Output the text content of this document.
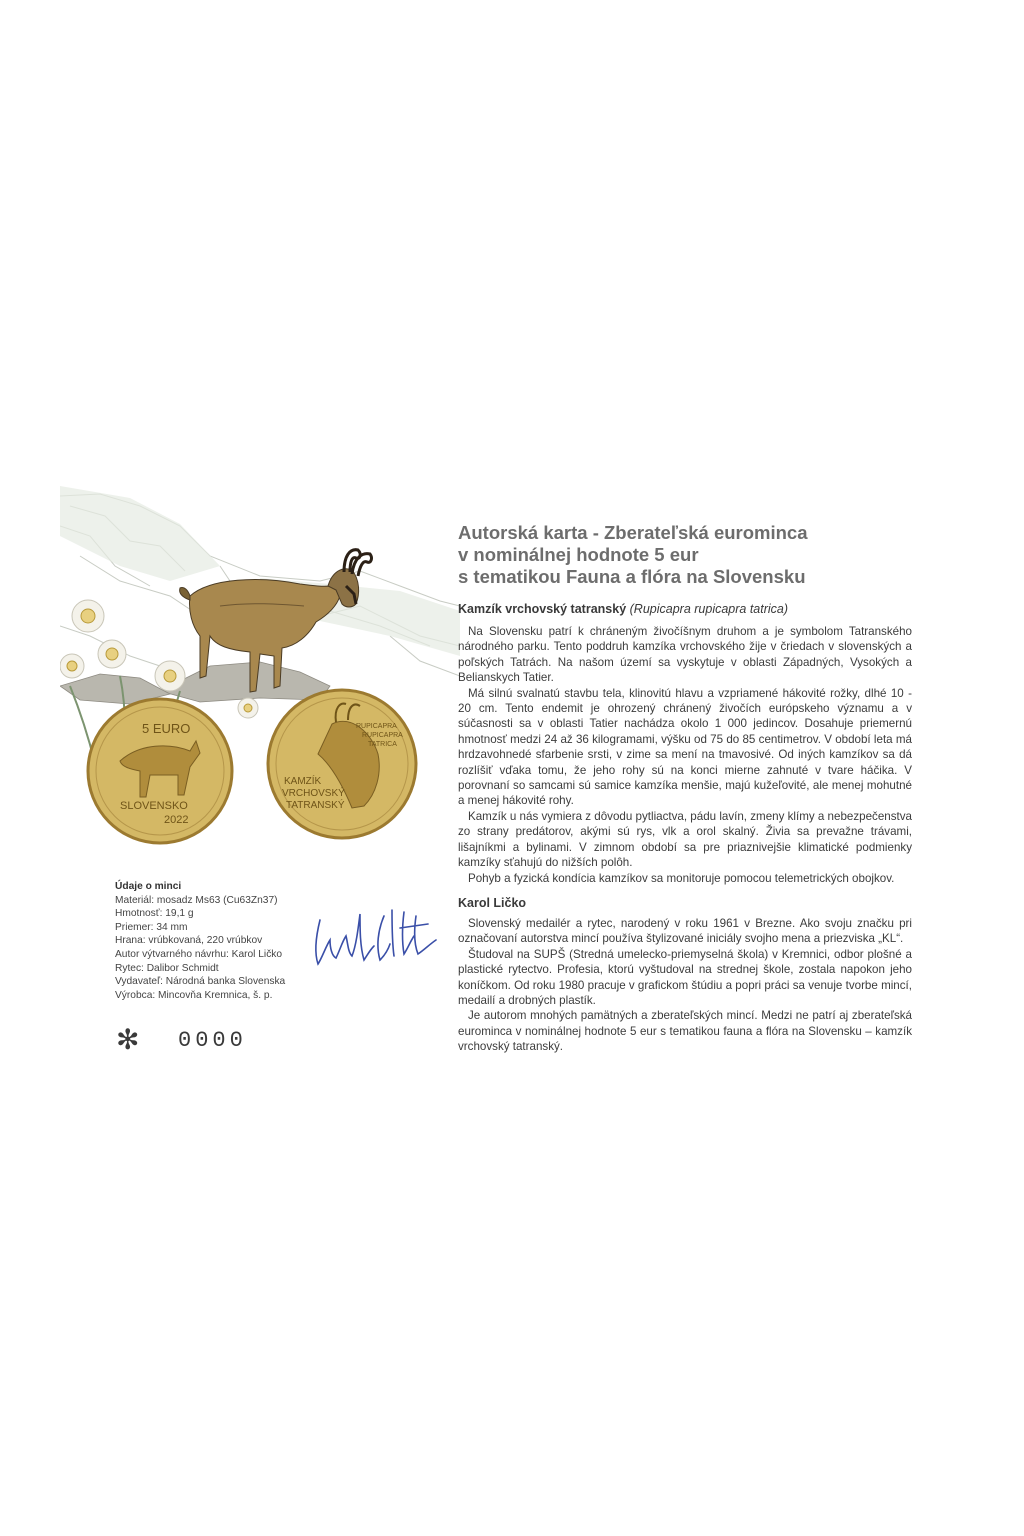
5 EURO
SLOVENSKO
2022
KAMZÍK
VRCHOVSKÝ
TATRANSKÝ
RUPICAPRA
RUPICAPRA
TATRICA
Autorská karta - Zberateľská eurominca
v nominálnej hodnote 5 eur
s tematikou Fauna a flóra na Slovensku
Kamzík vrchovský tatranský (Rupicapra rupicapra tatrica)

Na Slovensku patrí k chráneným živočíšnym druhom a je symbolom Tatranského národného parku. Tento poddruh kamzíka vrchovského žije v čriedach v slovenských a poľských Tatrách. Na našom území sa vyskytuje v oblasti Západných, Vysokých a Belianskych Tatier.

Má silnú svalnatú stavbu tela, klinovitú hlavu a vzpriamené hákovité rožky, dlhé 10 - 20 cm. Tento endemit je ohrozený chránený živočích európskeho významu a v súčasnosti sa v oblasti Tatier nachádza okolo 1 000 jedincov. Dosahuje priemernú hmotnosť medzi 24 až 36 kilogramami, výšku od 75 do 85 centimetrov. V období leta má hrdzavohnedé sfarbenie srsti, v zime sa mení na tmavosivé. Od iných kamzíkov sa dá rozlíšiť vďaka tomu, že jeho rohy sú na konci mierne zahnuté v tvare háčika. V porovnaní so samcami sú samice kamzíka menšie, majú kužeľovité, ale menej mohutné a menej hákovité rohy.

Kamzík u nás vymiera z dôvodu pytliactva, pádu lavín, zmeny klímy a nebezpečenstva zo strany predátorov, akými sú rys, vlk a orol skalný. Živia sa prevažne trávami, lišajníkmi a bylinami. V zimnom období sa pre priaznivejšie klimatické podmienky kamzíky sťahujú do nižších polôh.

Pohyb a fyzická kondícia kamzíkov sa monitoruje pomocou telemetrických obojkov.

Karol Ličko

Slovenský medailér a rytec, narodený v roku 1961 v Brezne. Ako svoju značku pri označovaní autorstva mincí používa štylizované iniciály svojho mena a priezviska „KL“.

Študoval na SUPŠ (Stredná umelecko-priemyselná škola) v Kremnici, odbor plošné a plastické rytectvo. Profesia, ktorú vyštudoval na strednej škole, zostala napokon jeho koníčkom. Od roku 1980 pracuje v grafickom štúdiu a popri práci sa venuje tvorbe mincí, medailí a drobných plastík.

Je autorom mnohých pamätných a zberateľských mincí. Medzi ne patrí aj zberateľská eurominca v nominálnej hodnote 5 eur s tematikou fauna a flóra na Slovensku – kamzík vrchovský tatranský.

Údaje o minci
Materiál: mosadz Ms63 (Cu63Zn37)
Hmotnosť: 19,1 g
Priemer: 34 mm
Hrana: vrúbkovaná, 220 vrúbkov
Autor výtvarného návrhu: Karol Ličko
Rytec: Dalibor Schmidt
Vydavateľ: Národná banka Slovenska
Výrobca: Mincovňa Kremnica, š. p.
✻ 0000
